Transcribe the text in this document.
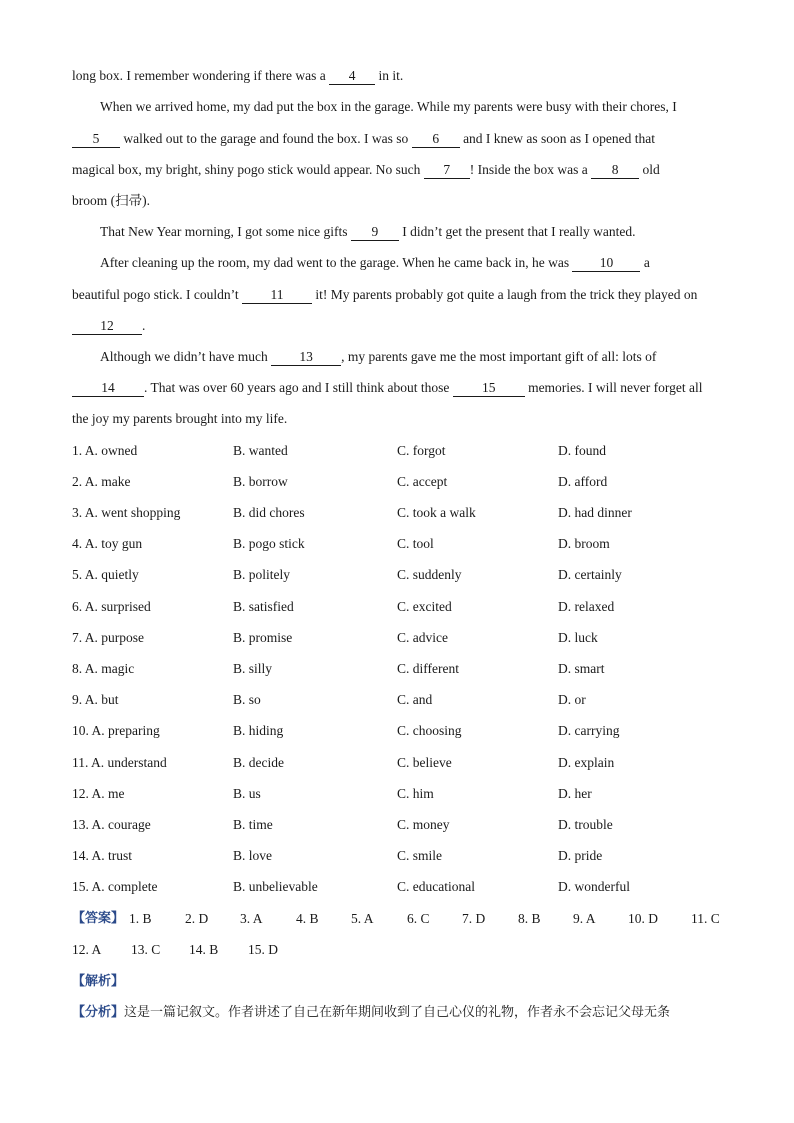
long box. I remember wondering if there was a 4 in it.
When we arrived home, my dad put the box in the garage. While my parents were busy with their chores, I
5 walked out to the garage and found the box. I was so 6 and I knew as soon as I opened that
magical box, my bright, shiny pogo stick would appear. No such 7 ! Inside the box was a 8 old
broom (扫帚).
That New Year morning, I got some nice gifts 9 I didn’t get the present that I really wanted.
After cleaning up the room, my dad went to the garage. When he came back in, he was 10 a
beautiful pogo stick. I couldn’t 11 it! My parents probably got quite a laugh from the trick they played on
12 .
Although we didn’t have much 13 , my parents gave me the most important gift of all: lots of
14 . That was over 60 years ago and I still think about those 15 memories. I will never forget all
the joy my parents brought into my life.
1. A. owned	B. wanted	C. forgot	D. found
2. A. make	B. borrow	C. accept	D. afford
3. A. went shopping	B. did chores	C. took a walk	D. had dinner
4. A. toy gun	B. pogo stick	C. tool	D. broom
5. A. quietly	B. politely	C. suddenly	D. certainly
6. A. surprised	B. satisfied	C. excited	D. relaxed
7. A. purpose	B. promise	C. advice	D. luck
8. A. magic	B. silly	C. different	D. smart
9. A. but	B. so	C. and	D. or
10. A. preparing	B. hiding	C. choosing	D. carrying
11. A. understand	B. decide	C. believe	D. explain
12. A. me	B. us	C. him	D. her
13. A. courage	B. time	C. money	D. trouble
14. A. trust	B. love	C. smile	D. pride
15. A. complete	B. unbelievable	C. educational	D. wonderful
【答案】 1. B 2. D 3. A 4. B 5. A 6. C 7. D 8. B 9. A 10. D 11. C
12. A 13. C 14. B 15. D
【解析】
【分析】这是一篇记叙文。作者讲述了自己在新年期间收到了自己心仪的礼物，作者永不会忘记父母无条
